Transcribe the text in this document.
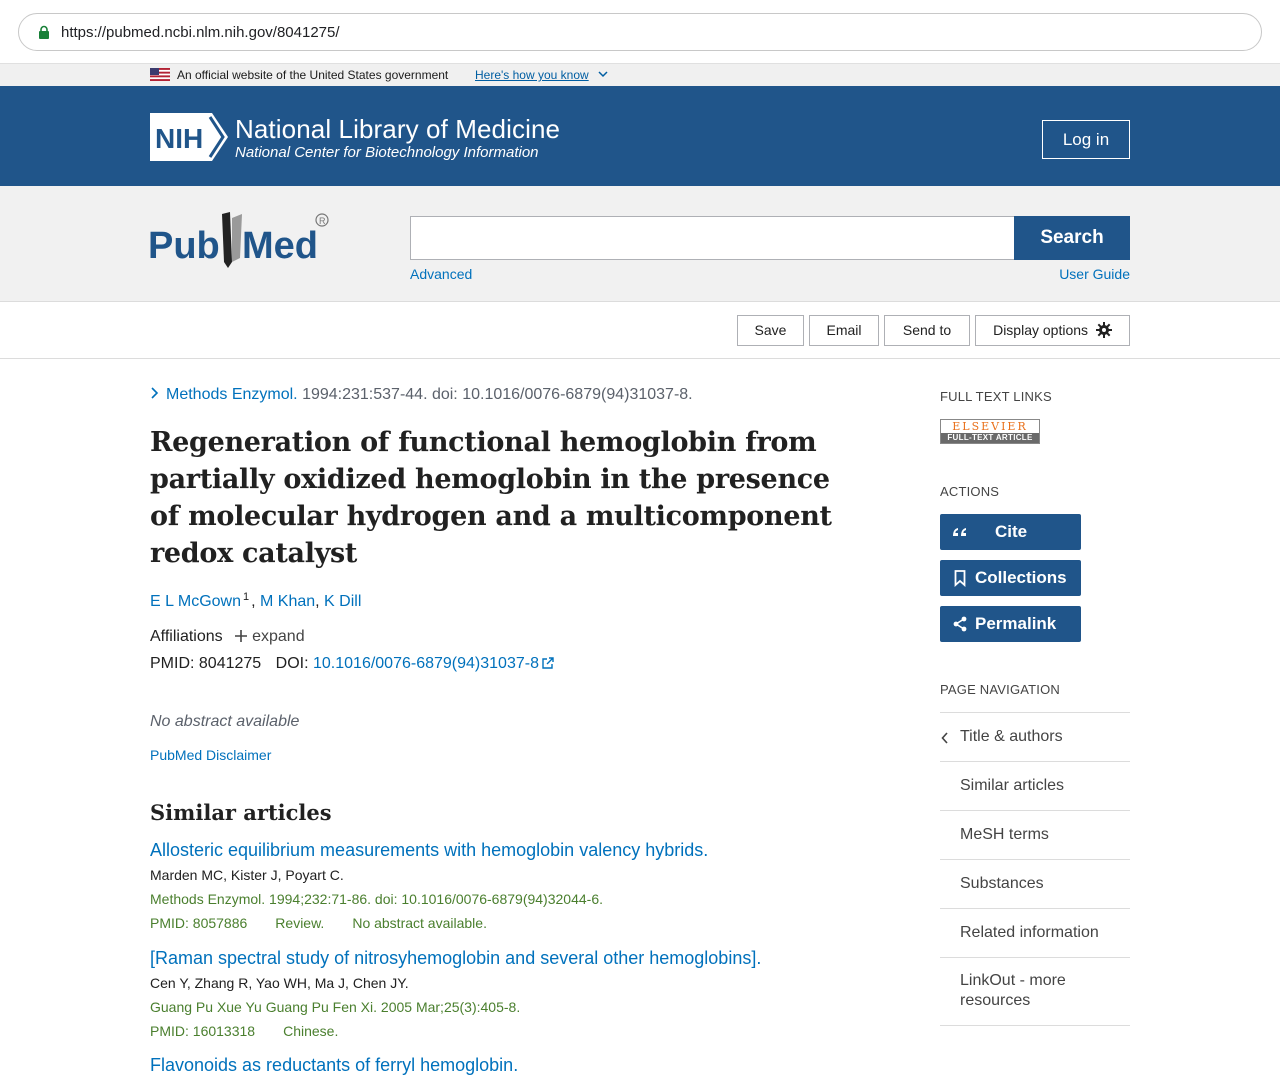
https://pubmed.ncbi.nlm.nih.gov/8041275/
An official website of the United States government Here's how you know
NIH National Library of Medicine
National Center for Biotechnology Information
Log in
Pub Med
R
Search
Advanced	User Guide
Save	Email	Send to	Display options
Methods Enzymol. 1994:231:537-44. doi: 10.1016/0076-6879(94)31037-8.
Regeneration of functional hemoglobin from partially oxidized hemoglobin in the presence of molecular hydrogen and a multicomponent redox catalyst
E L McGown $^1$ , M Khan, K Dill
Affiliations expand
PMID: 8041275 DOI: 10.1016/0076-6879(94)31037-8
No abstract available
PubMed Disclaimer
Similar articles
Allosteric equilibrium measurements with hemoglobin valency hybrids.
Marden MC, Kister J, Poyart C.
Methods Enzymol. 1994;232:71-86. doi: 10.1016/0076-6879(94)32044-6.
PMID: 8057886 Review. No abstract available.
[Raman spectral study of nitrosyhemoglobin and several other hemoglobins].
Cen Y, Zhang R, Yao WH, Ma J, Chen JY.
Guang Pu Xue Yu Guang Pu Fen Xi. 2005 Mar;25(3):405-8.
PMID: 16013318 Chinese.
Flavonoids as reductants of ferryl hemoglobin.
FULL TEXT LINKS
ELSEVIER
FULL-TEXT ARTICLE
ACTIONS
Cite
Collections
Permalink
PAGE NAVIGATION
Title & authors
Similar articles
MeSH terms
Substances
Related information
LinkOut - more resources
